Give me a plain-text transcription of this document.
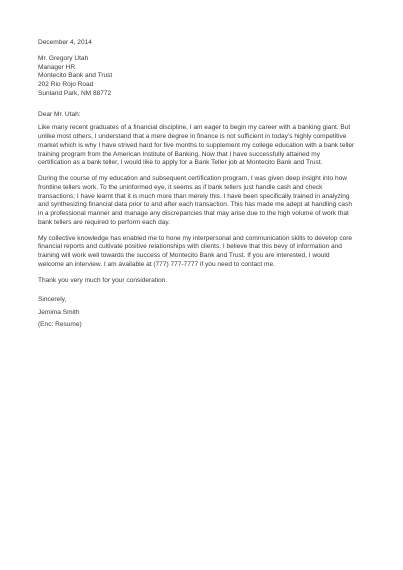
December 4, 2014
Mr. Gregory Utah
Manager HR
Montecito Bank and Trust
202 Rio Rojo Road
Sunland Park, NM 88772
Dear Mr. Utah:
Like many recent graduates of a financial discipline, I am eager to begin my career with a banking giant. But
unlike most others, I understand that a mere degree in finance is not sufficient in today’s highly competitive
market which is why I have strived hard for five months to supplement my college education with a bank teller
training program from the American Institute of Banking. Now that I have successfully attained my
certification as a bank teller, I would like to apply for a Bank Teller job at Montecito Bank and Trust.
During the course of my education and subsequent certification program, I was given deep insight into how
frontline tellers work. To the uninformed eye, it seems as if bank tellers just handle cash and check
transactions; I have learnt that it is much more than merely this. I have been specifically trained in analyzing
and synthesizing financial data prior to and after each transaction. This has made me adept at handling cash
in a professional manner and manage any discrepancies that may arise due to the high volume of work that
bank tellers are required to perform each day.
My collective knowledge has enabled me to hone my interpersonal and communication skills to develop core
financial reports and cultivate positive relationships with clients. I believe that this bevy of information and
training will work well towards the success of Montecito Bank and Trust. If you are interested, I would
welcome an interview. I am available at (777) 777-7777 if you need to contact me.
Thank you very much for your consideration.
Sincerely,
Jemima Smith
(Enc: Resume)
